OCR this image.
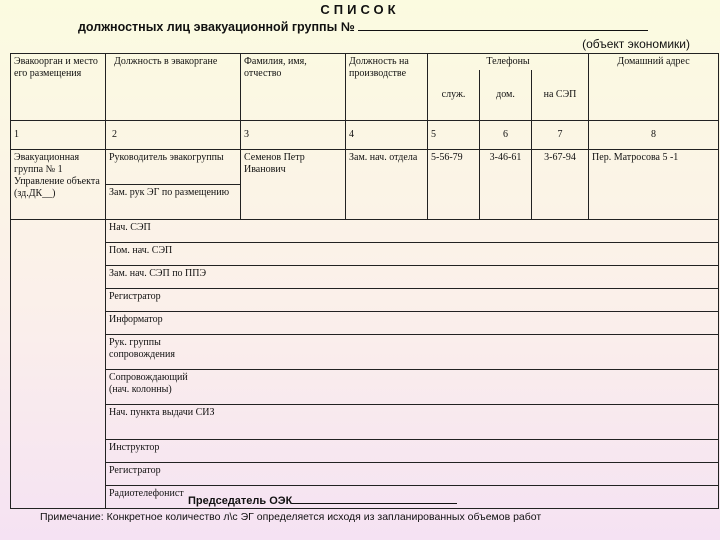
СПИСОК
должностных лиц эвакуационной группы №
(объект экономики)
Эвакоорган и место его размещения	Должность в эвакоргане	Фамилия, имя, отчество	Должность на производстве	Телефоны			Домашний адрес
				служ.	дом.	на СЭП	
1	2	3	4	5	6	7	8
Эвакуационная группа № 1 Управление объекта (зд.ДК__)	Руководитель эвакогруппы	Семенов Петр Иванович	Зам. нач. отдела	5-56-79	3-46-61	3-67-94	Пер. Матросова 5 -1
	Зам. рук ЭГ по размещению						
	Нач. СЭП						
	Пом. нач. СЭП						
	Зам. нач. СЭП по ППЭ						
	Регистратор						
	Информатор						

	Рук. группы сопровождения						

	Сопровождающий (нач. колонны)						

	Нач. пункта выдачи СИЗ						

	Инструктор						
	Регистратор						
	Радиотелефонист						
Председатель ОЭК
Примечание: Конкретное количество л\с ЭГ определяется исходя из запланированных объемов работ
